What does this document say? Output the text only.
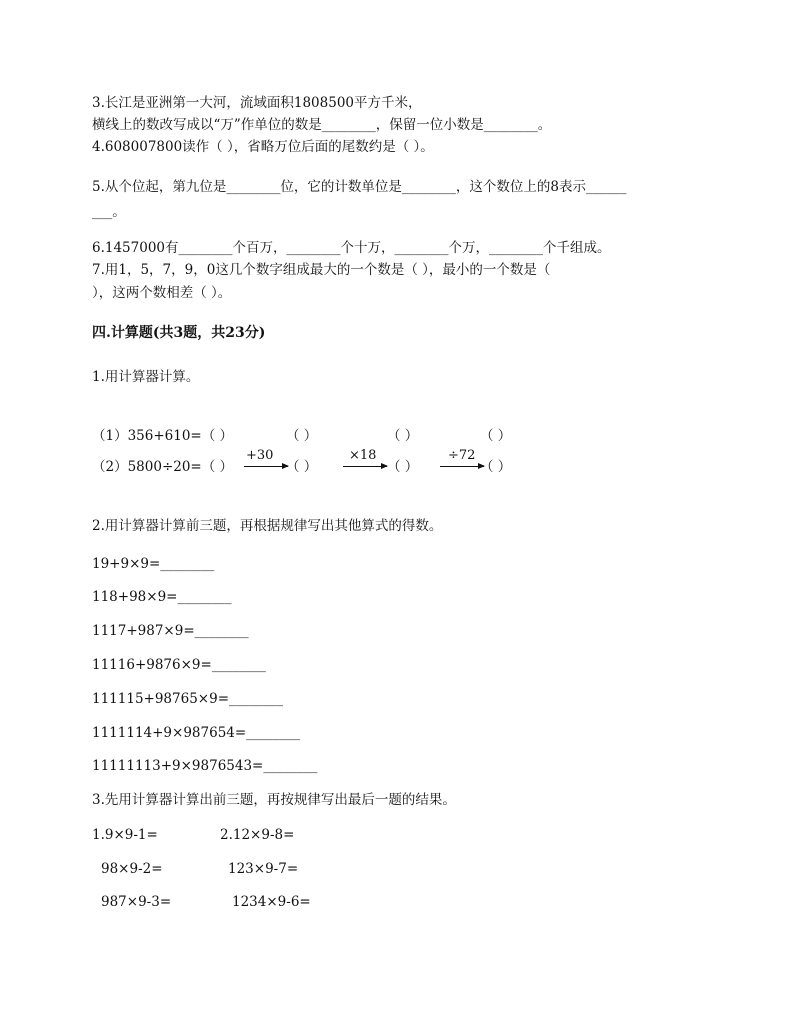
3.长江是亚洲第一大河，流域面积1808500平方千米，
横线上的数改写成以“万”作单位的数是________，保留一位小数是________。
4.608007800读作（ ），省略万位后面的尾数约是（ ）。
5.从个位起，第九位是________位，它的计数单位是________，这个数位上的8表示______
___。
6.1457000有________个百万，________个十万，________个万，________个千组成。
7.用1，5，7，9，0这几个数字组成最大的一个数是（ ），最小的一个数是（
），这两个数相差（ ）。
四.计算题(共3题，共23分)
1.用计算器计算。
（1）356+610=（ ）	（ ）	（ ）	（ ）
（2）5800÷20=（ ）	（ ）	（ ）	（ ）
+30	×18	÷72
2.用计算器计算前三题，再根据规律写出其他算式的得数。
19+9×9=________
118+98×9=________
1117+987×9=________
11116+9876×9=________
111115+98765×9=________
1111114+9×987654=________
11111113+9×9876543=________
3.先用计算器计算出前三题，再按规律写出最后一题的结果。
1.9×9-1=	2.12×9-8=
98×9-2=	123×9-7=
987×9-3=	1234×9-6=
